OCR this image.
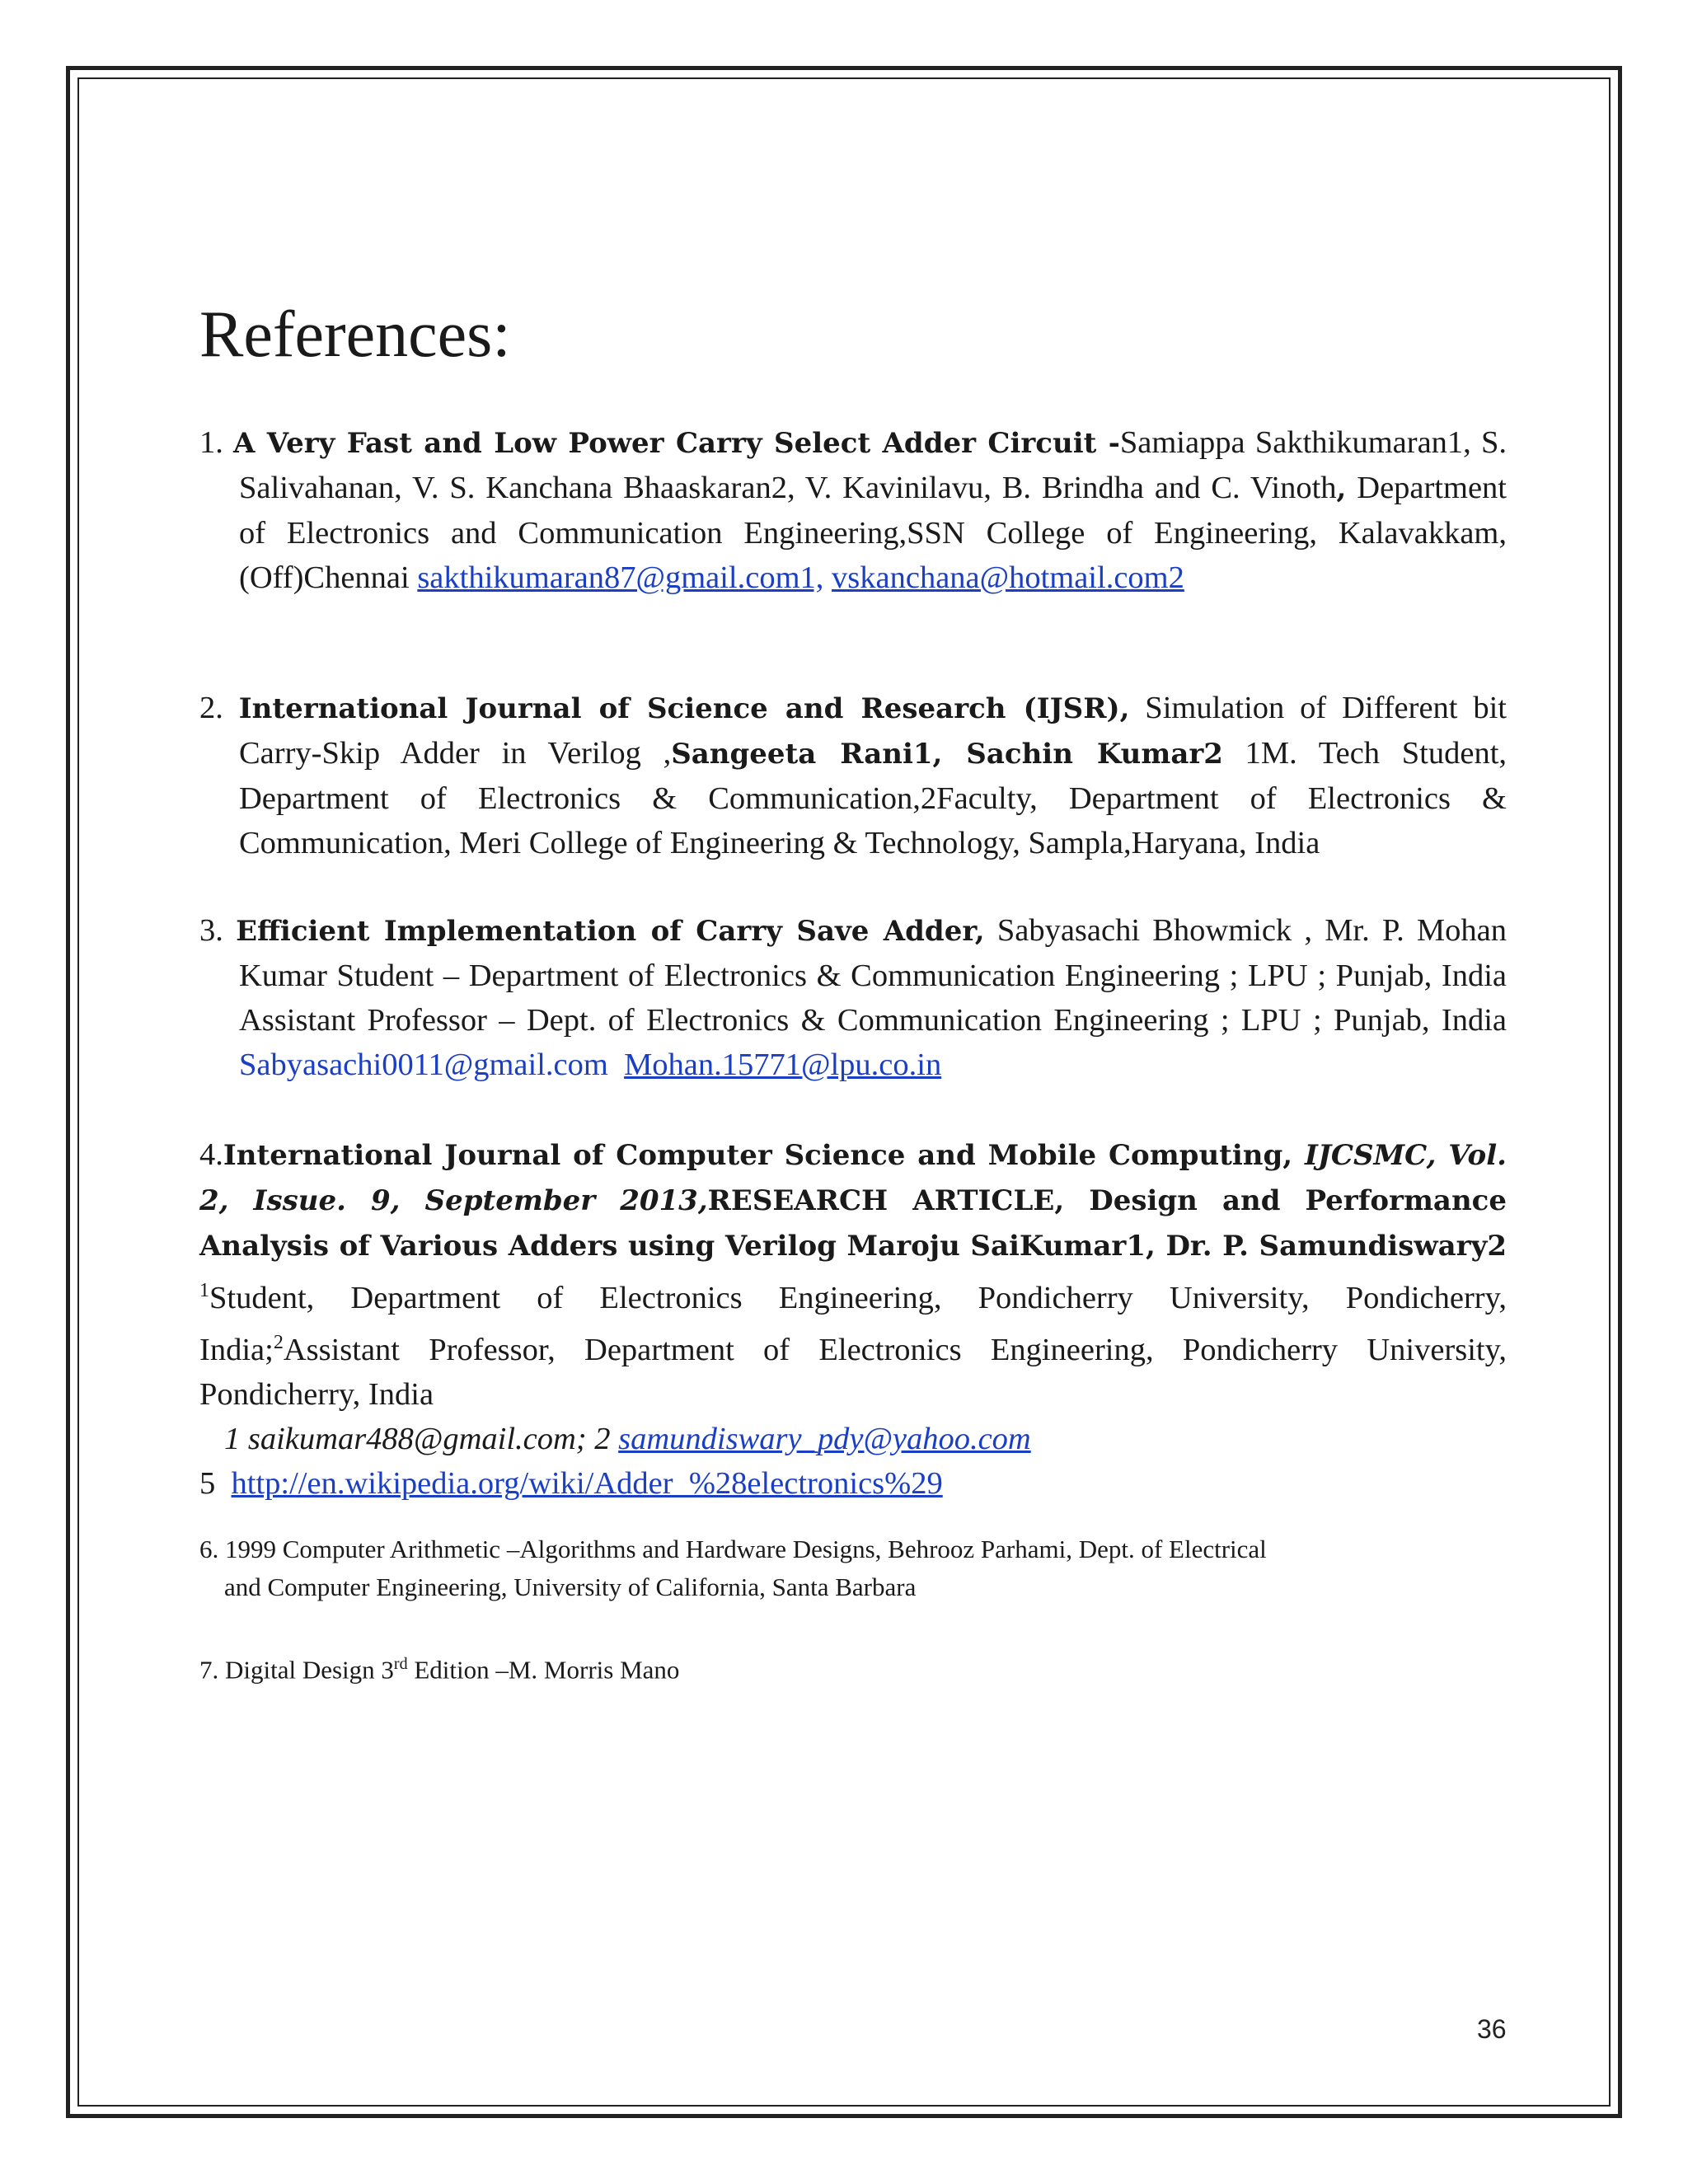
References:
1. A Very Fast and Low Power Carry Select Adder Circuit -Samiappa Sakthikumaran1, S. Salivahanan, V. S. Kanchana Bhaaskaran2, V. Kavinilavu, B. Brindha and C. Vinoth, Department of Electronics and Communication Engineering,SSN College of Engineering, Kalavakkam, (Off)Chennai sakthikumaran87@gmail.com1, vskanchana@hotmail.com2
2. International Journal of Science and Research (IJSR), Simulation of Different bit Carry-Skip Adder in Verilog ,Sangeeta Rani1, Sachin Kumar2 1M. Tech Student, Department of Electronics & Communication,2Faculty, Department of Electronics & Communication, Meri College of Engineering & Technology, Sampla,Haryana, India
3. Efficient Implementation of Carry Save Adder, Sabyasachi Bhowmick , Mr. P. Mohan Kumar Student – Department of Electronics & Communication Engineering ; LPU ; Punjab, India Assistant Professor – Dept. of Electronics & Communication Engineering ; LPU ; Punjab, India Sabyasachi0011@gmail.com Mohan.15771@lpu.co.in
4.International Journal of Computer Science and Mobile Computing, IJCSMC, Vol. 2, Issue. 9, September 2013,RESEARCH ARTICLE, Design and Performance Analysis of Various Adders using Verilog Maroju SaiKumar1, Dr. P. Samundiswary2 $^1$Student, Department of Electronics Engineering, Pondicherry University, Pondicherry, India;$^2$Assistant Professor, Department of Electronics Engineering, Pondicherry University, Pondicherry, India
1 saikumar488@gmail.com; 2 samundiswary_pdy@yahoo.com
5 http://en.wikipedia.org/wiki/Adder_%28electronics%29
6. 1999 Computer Arithmetic –Algorithms and Hardware Designs, Behrooz Parhami, Dept. of Electrical
and Computer Engineering, University of California, Santa Barbara
7. Digital Design 3rd Edition –M. Morris Mano
36
